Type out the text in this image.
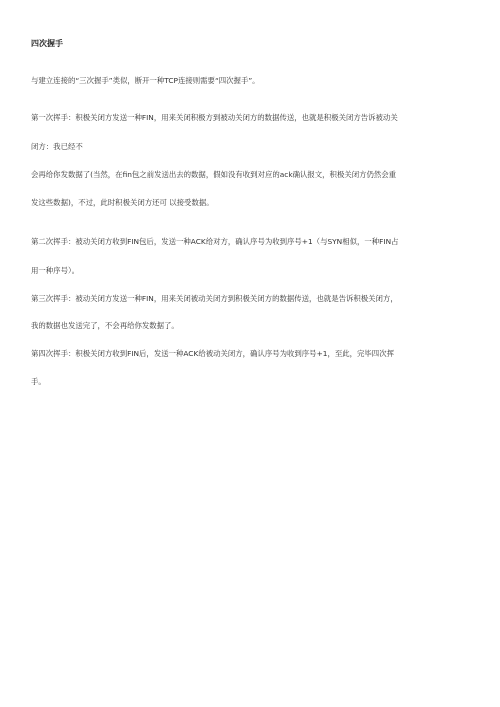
四次握手
与建立连接的“三次握手”类似，断开一种TCP连接则需要“四次握手”。
第一次挥手：积极关闭方发送一种FIN，用来关闭积极方到被动关闭方的数据传送，也就是积极关闭方告诉被动关
闭方：我已经不
会再给你发数据了(当然，在fin包之前发送出去的数据，假如没有收到对应的ack确认报文，积极关闭方仍然会重
发这些数据)，不过，此时积极关闭方还可 以接受数据。
第二次挥手：被动关闭方收到FIN包后，发送一种ACK给对方，确认序号为收到序号+1（与SYN相似，一种FIN占
用一种序号）。
第三次挥手：被动关闭方发送一种FIN，用来关闭被动关闭方到积极关闭方的数据传送，也就是告诉积极关闭方，
我的数据也发送完了，不会再给你发数据了。
第四次挥手：积极关闭方收到FIN后，发送一种ACK给被动关闭方，确认序号为收到序号+1，至此，完毕四次挥
手。
